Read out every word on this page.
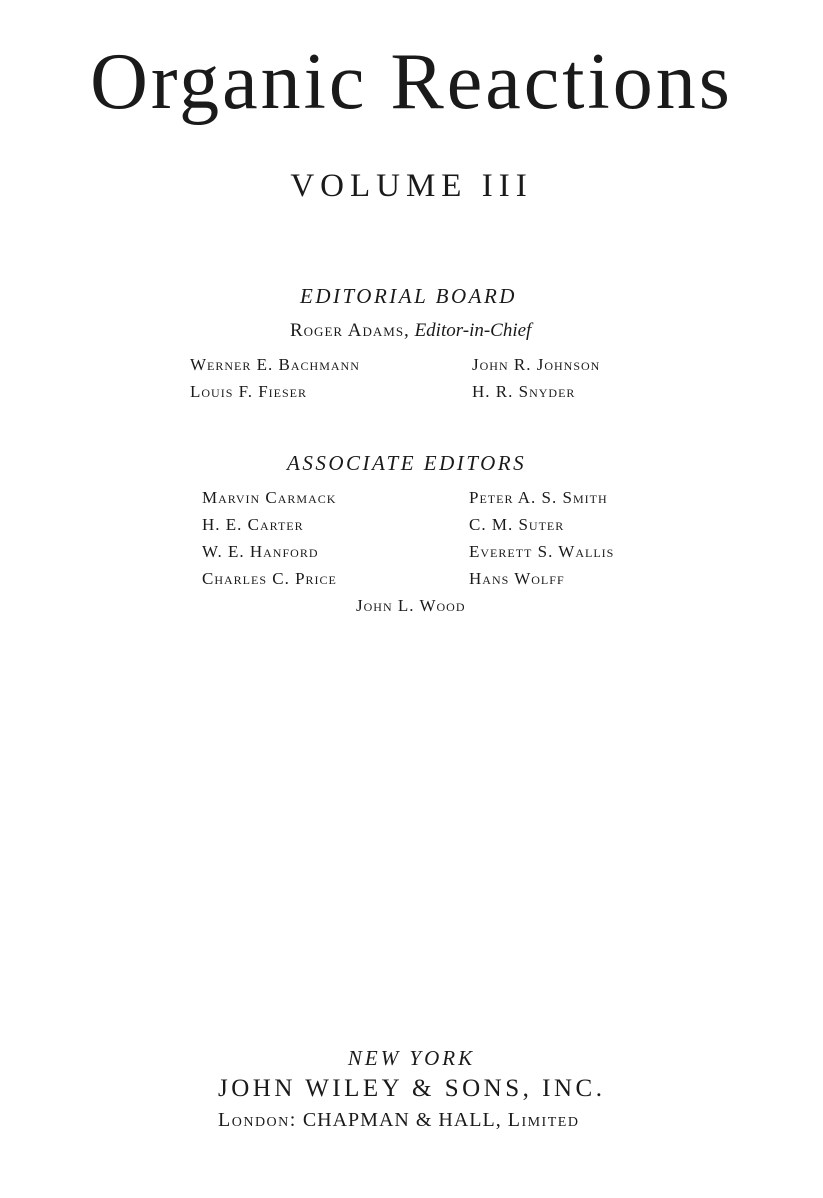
Organic Reactions
VOLUME III
EDITORIAL BOARD
Roger Adams, Editor-in-Chief
Werner E. Bachmann
Louis F. Fieser
John R. Johnson
H. R. Snyder
ASSOCIATE EDITORS
Marvin Carmack
H. E. Carter
W. E. Hanford
Charles C. Price
Peter A. S. Smith
C. M. Suter
Everett S. Wallis
Hans Wolff
John L. Wood
NEW YORK
JOHN WILEY & SONS, INC.
London: CHAPMAN & HALL, Limited
